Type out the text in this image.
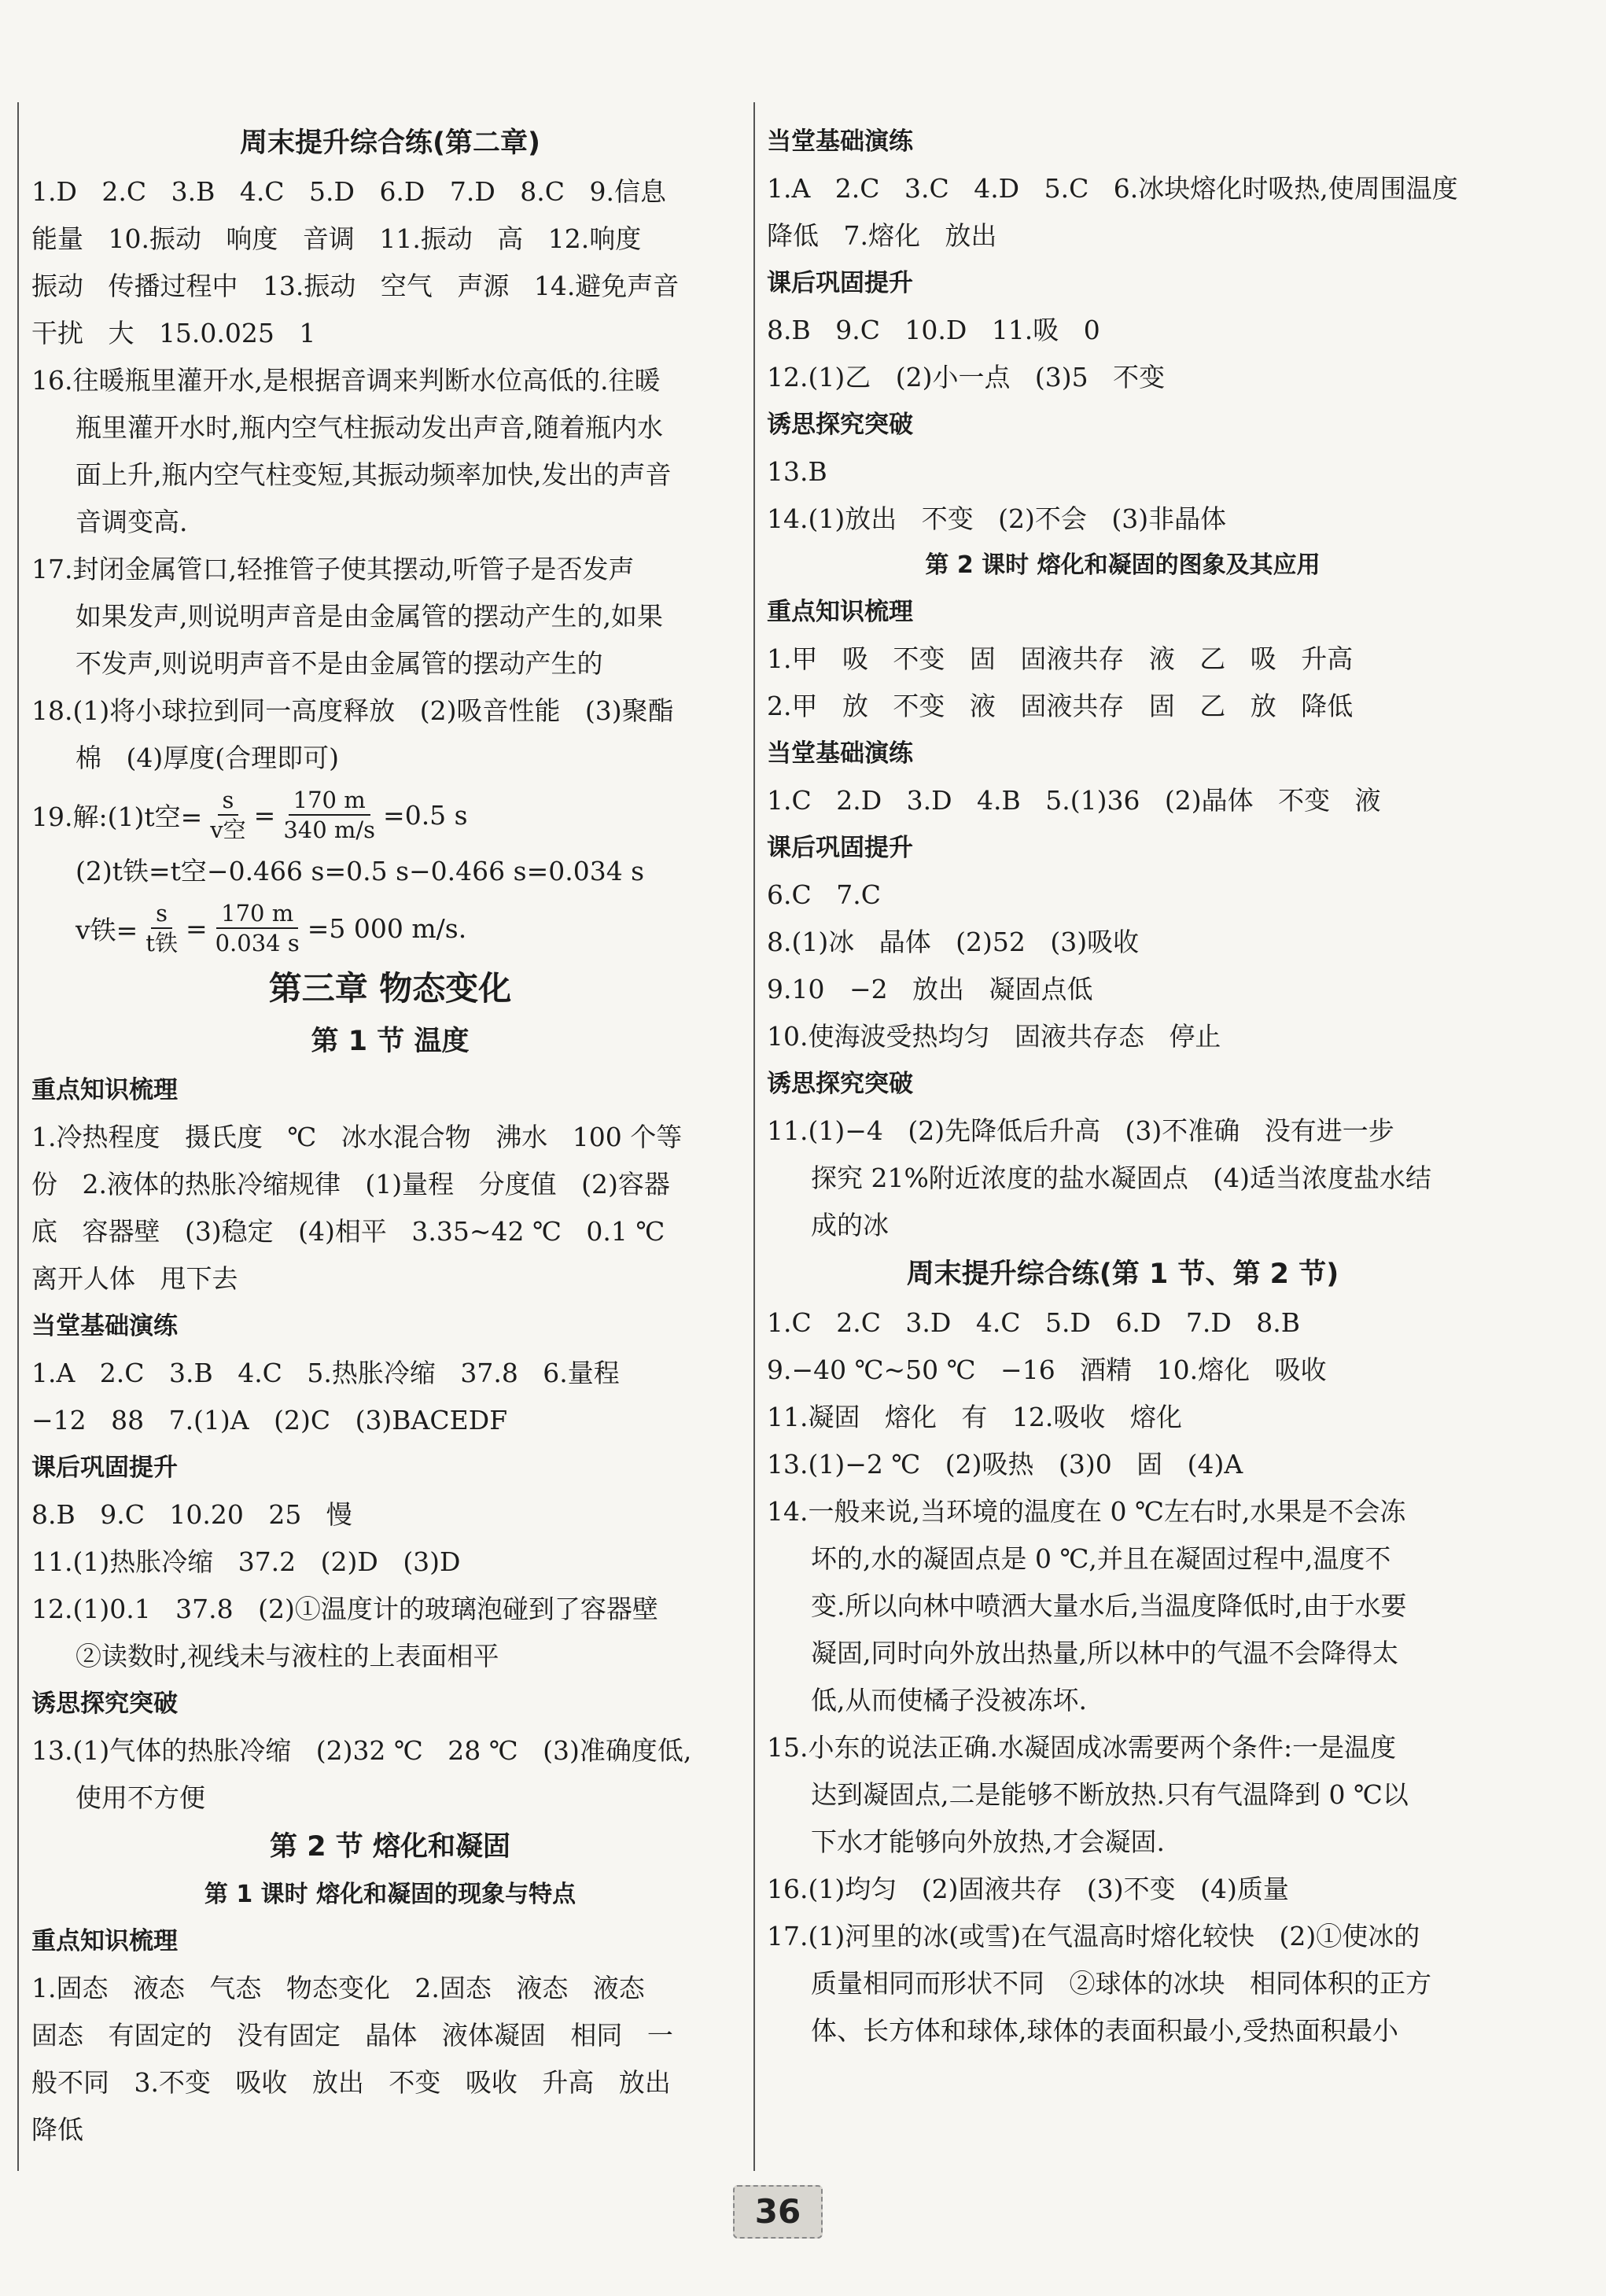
周末提升综合练(第二章)
1.D   2.C   3.B   4.C   5.D   6.D   7.D   8.C   9.信息
能量   10.振动   响度   音调   11.振动   高   12.响度
振动   传播过程中   13.振动   空气   声源   14.避免声音
干扰   大   15.0.025   1
16.往暖瓶里灌开水,是根据音调来判断水位高低的.往暖
瓶里灌开水时,瓶内空气柱振动发出声音,随着瓶内水
面上升,瓶内空气柱变短,其振动频率加快,发出的声音
音调变高.
17.封闭金属管口,轻推管子使其摆动,听管子是否发声
如果发声,则说明声音是由金属管的摆动产生的,如果
不发声,则说明声音不是由金属管的摆动产生的
18.(1)将小球拉到同一高度释放   (2)吸音性能   (3)聚酯
棉   (4)厚度(合理即可)
19.解:(1)t空= $\frac{s}{\text{v空}} = \frac{170 m}{340 m/s} =0.5$ s
(2)t铁=t空−0.466 s=0.5 s−0.466 s=0.034 s
v铁= $\frac{s}{\text{t铁}} = \frac{170 m}{0.034 s} =5$ 000 m/s.
第三章 物态变化
第 1 节 温度
重点知识梳理
1.冷热程度   摄氏度   ℃   冰水混合物   沸水   100 个等
份   2.液体的热胀冷缩规律   (1)量程   分度值   (2)容器
底   容器壁   (3)稳定   (4)相平   3.35~42 ℃   0.1 ℃
离开人体   甩下去
当堂基础演练
1.A   2.C   3.B   4.C   5.热胀冷缩   37.8   6.量程
−12   88   7.(1)A   (2)C   (3)BACEDF
课后巩固提升
8.B   9.C   10.20   25   慢
11.(1)热胀冷缩   37.2   (2)D   (3)D
12.(1)0.1   37.8   (2)①温度计的玻璃泡碰到了容器壁
②读数时,视线未与液柱的上表面相平
诱思探究突破
13.(1)气体的热胀冷缩   (2)32 ℃   28 ℃   (3)准确度低,
使用不方便
第 2 节 熔化和凝固
第 1 课时 熔化和凝固的现象与特点
重点知识梳理
1.固态   液态   气态   物态变化   2.固态   液态   液态
固态   有固定的   没有固定   晶体   液体凝固   相同   一
般不同   3.不变   吸收   放出   不变   吸收   升高   放出
降低
当堂基础演练
1.A   2.C   3.C   4.D   5.C   6.冰块熔化时吸热,使周围温度
降低   7.熔化   放出
课后巩固提升
8.B   9.C   10.D   11.吸   0
12.(1)乙   (2)小一点   (3)5   不变
诱思探究突破
13.B
14.(1)放出   不变   (2)不会   (3)非晶体
第 2 课时 熔化和凝固的图象及其应用
重点知识梳理
1.甲   吸   不变   固   固液共存   液   乙   吸   升高
2.甲   放   不变   液   固液共存   固   乙   放   降低
当堂基础演练
1.C   2.D   3.D   4.B   5.(1)36   (2)晶体   不变   液
课后巩固提升
6.C   7.C
8.(1)冰   晶体   (2)52   (3)吸收
9.10   −2   放出   凝固点低
10.使海波受热均匀   固液共存态   停止
诱思探究突破
11.(1)−4   (2)先降低后升高   (3)不准确   没有进一步
探究 21%附近浓度的盐水凝固点   (4)适当浓度盐水结
成的冰
周末提升综合练(第 1 节、第 2 节)
1.C   2.C   3.D   4.C   5.D   6.D   7.D   8.B
9.−40 ℃~50 ℃   −16   酒精   10.熔化   吸收
11.凝固   熔化   有   12.吸收   熔化
13.(1)−2 ℃   (2)吸热   (3)0   固   (4)A
14.一般来说,当环境的温度在 0 ℃左右时,水果是不会冻
坏的,水的凝固点是 0 ℃,并且在凝固过程中,温度不
变.所以向林中喷洒大量水后,当温度降低时,由于水要
凝固,同时向外放出热量,所以林中的气温不会降得太
低,从而使橘子没被冻坏.
15.小东的说法正确.水凝固成冰需要两个条件:一是温度
达到凝固点,二是能够不断放热.只有气温降到 0 ℃以
下水才能够向外放热,才会凝固.
16.(1)均匀   (2)固液共存   (3)不变   (4)质量
17.(1)河里的冰(或雪)在气温高时熔化较快   (2)①使冰的
质量相同而形状不同   ②球体的冰块   相同体积的正方
体、长方体和球体,球体的表面积最小,受热面积最小
36
